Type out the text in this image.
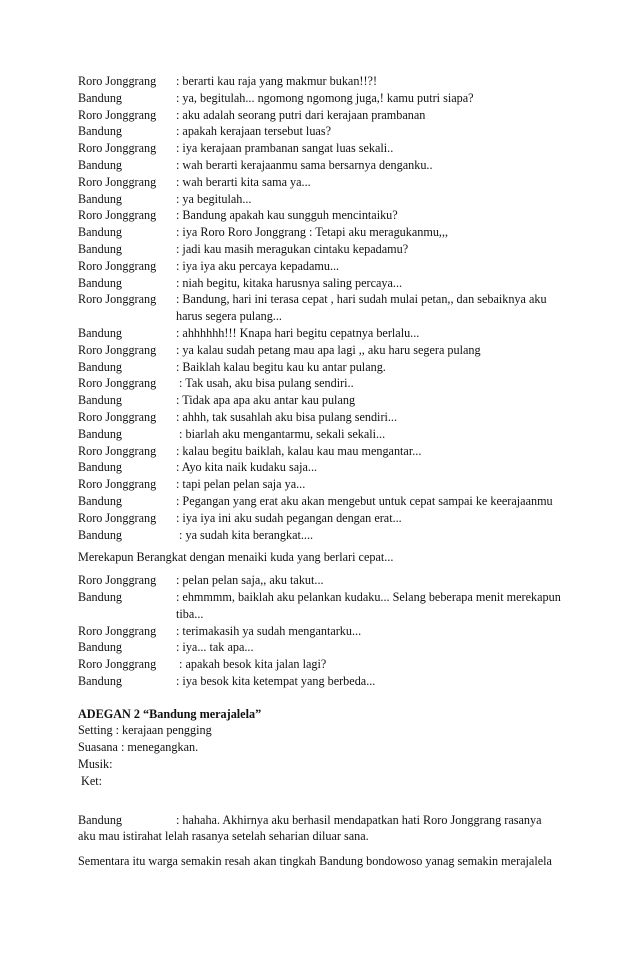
Roro Jonggrang	: berarti kau raja yang makmur bukan!!?!
Bandung	: ya, begitulah... ngomong ngomong juga,! kamu putri siapa?
Roro Jonggrang	: aku adalah seorang putri dari kerajaan prambanan
Bandung	: apakah kerajaan tersebut luas?
Roro Jonggrang	: iya kerajaan prambanan sangat luas sekali..
Bandung	: wah berarti kerajaanmu sama bersarnya denganku..
Roro Jonggrang	: wah berarti kita sama ya...
Bandung	: ya begitulah...
Roro Jonggrang	: Bandung apakah kau sungguh mencintaiku?
Bandung	: iya Roro Roro Jonggrang : Tetapi aku meragukanmu,,,
Bandung	: jadi kau masih meragukan cintaku kepadamu?
Roro Jonggrang	: iya iya aku percaya kepadamu...
Bandung	: niah begitu, kitaka harusnya saling percaya...
Roro Jonggrang	: Bandung, hari ini terasa cepat , hari sudah mulai petan,, dan sebaiknya aku harus segera pulang...
Bandung	: ahhhhhh!!! Knapa hari begitu cepatnya berlalu...
Roro Jonggrang	: ya kalau sudah petang mau apa lagi ,, aku haru segera pulang
Bandung	: Baiklah kalau begitu kau ku antar pulang.
Roro Jonggrang	: Tak usah, aku bisa pulang sendiri..
Bandung	: Tidak apa apa aku antar kau pulang
Roro Jonggrang	: ahhh, tak susahlah aku bisa pulang sendiri...
Bandung	: biarlah aku mengantarmu, sekali sekali...
Roro Jonggrang	: kalau begitu baiklah, kalau kau mau mengantar...
Bandung	: Ayo kita naik kudaku saja...
Roro Jonggrang	: tapi pelan pelan saja ya...
Bandung	: Pegangan yang erat aku akan mengebut untuk cepat sampai ke keerajaanmu
Roro Jonggrang	: iya iya ini aku sudah pegangan dengan erat...
Bandung	: ya sudah kita berangkat....
Merekapun Berangkat dengan menaiki kuda yang berlari cepat...
Roro Jonggrang	: pelan pelan saja,, aku takut...
Bandung	: ehmmmm, baiklah aku pelankan kudaku... Selang beberapa menit merekapun tiba...
Roro Jonggrang	: terimakasih ya sudah mengantarku...
Bandung	: iya... tak apa...
Roro Jonggrang	: apakah besok kita jalan lagi?
Bandung	: iya besok kita ketempat yang berbeda...
ADEGAN 2 “Bandung merajalela”
Setting : kerajaan pengging
Suasana : menegangkan.
Musik:
Ket:
Bandung	: hahaha. Akhirnya aku berhasil mendapatkan hati Roro Jonggrang rasanya
aku mau istirahat lelah rasanya setelah seharian diluar sana.
Sementara itu warga semakin resah akan tingkah Bandung bondowoso yanag semakin merajalela
